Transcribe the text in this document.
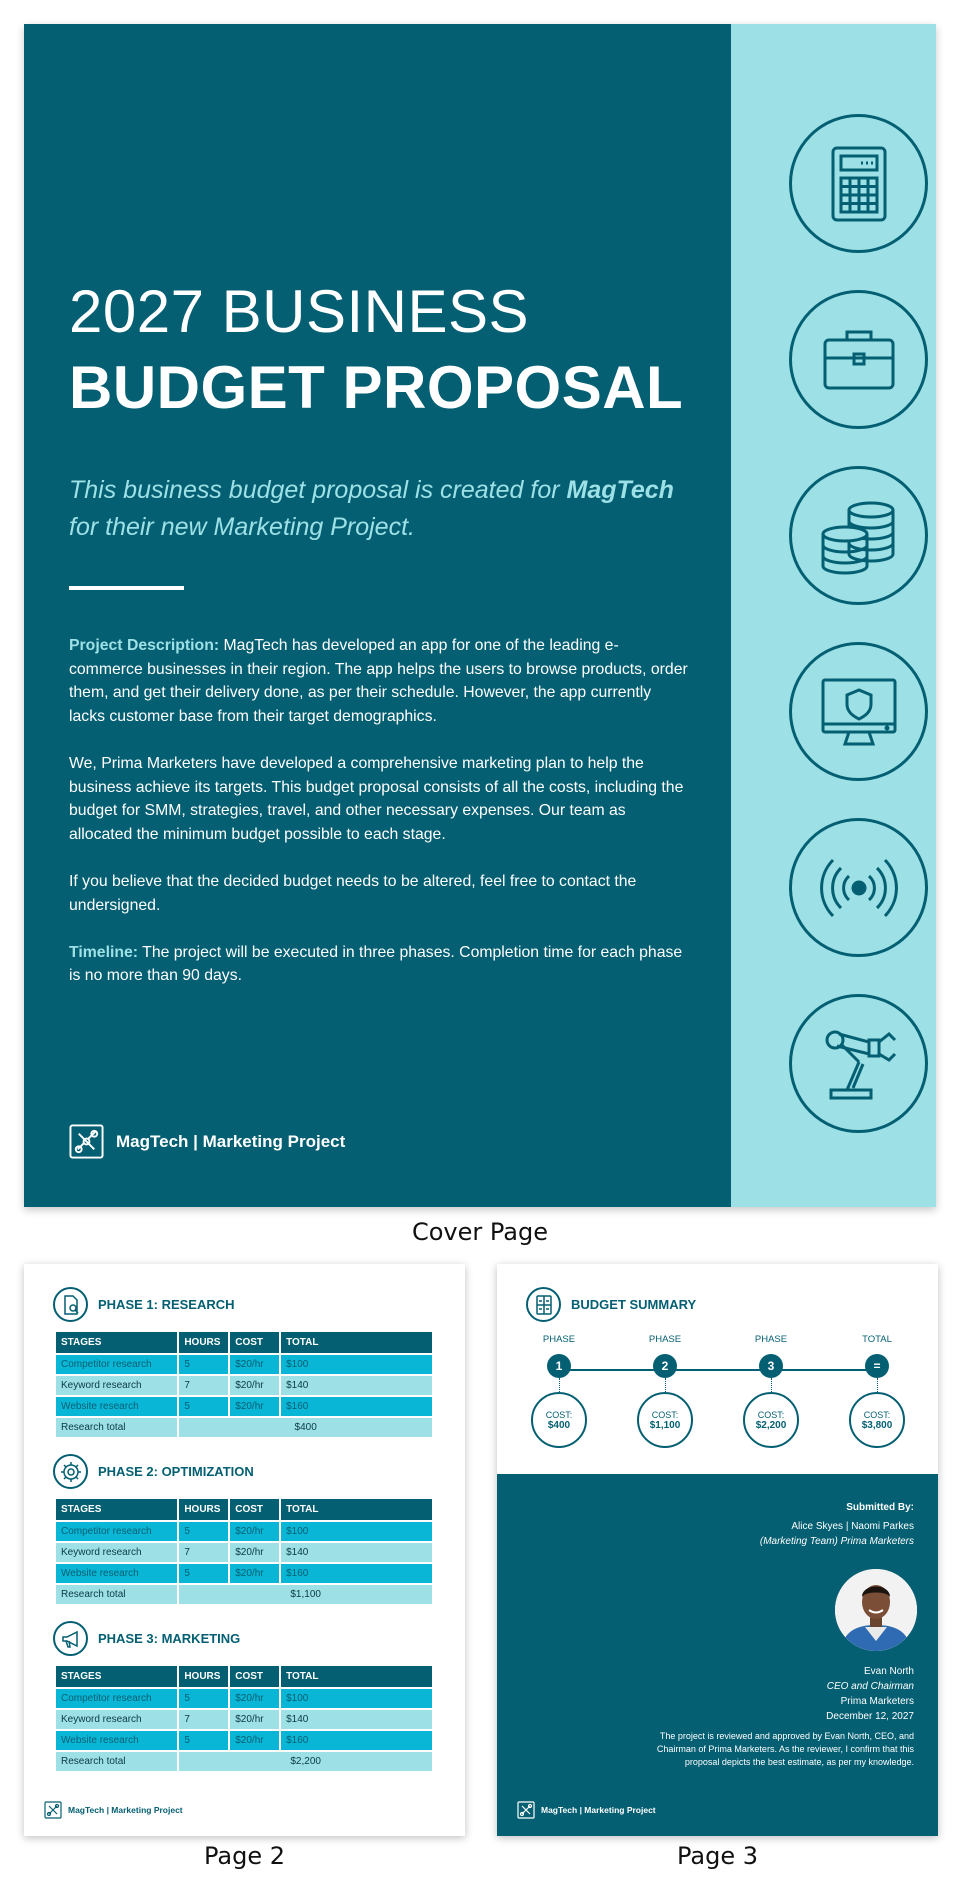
2027 BUSINESS
BUDGET PROPOSAL
This business budget proposal is created for MagTech for their new Marketing Project.

Project Description: MagTech has developed an app for one of the leading e-commerce businesses in their region. The app helps the users to browse products, order them, and get their delivery done, as per their schedule. However, the app currently lacks customer base from their target demographics.

We, Prima Marketers have developed a comprehensive marketing plan to help the business achieve its targets. This budget proposal consists of all the costs, including the budget for SMM, strategies, travel, and other necessary expenses. Our team as allocated the minimum budget possible to each stage.

If you believe that the decided budget needs to be altered, feel free to contact the undersigned.

Timeline: The project will be executed in three phases. Completion time for each phase is no more than 90 days.

MagTech | Marketing Project
Cover Page
PHASE 1: RESEARCH
STAGES	HOURS	COST	TOTAL
Competitor research	5	$20/hr	$100
Keyword research	7	$20/hr	$140
Website research	5	$20/hr	$160
Research total	$400		
PHASE 2: OPTIMIZATION
STAGES	HOURS	COST	TOTAL
Competitor research	5	$20/hr	$100
Keyword research	7	$20/hr	$140
Website research	5	$20/hr	$160
Research total	$1,100		
PHASE 3: MARKETING
STAGES	HOURS	COST	TOTAL
Competitor research	5	$20/hr	$100
Keyword research	7	$20/hr	$140
Website research	5	$20/hr	$160
Research total	$2,200		
MagTech | Marketing Project
Page 2
BUDGET SUMMARY
PHASE
1
COST:
$400
PHASE
2
COST:
$1,100
PHASE
3
COST:
$2,200
TOTAL
=
COST:
$3,800
Submitted By:
Alice Skyes | Naomi Parkes
(Marketing Team) Prima Marketers
Evan North
CEO and Chairman
Prima Marketers
December 12, 2027
The project is reviewed and approved by Evan North, CEO, and Chairman of Prima Marketers. As the reviewer, I confirm that this proposal depicts the best estimate, as per my knowledge.
MagTech | Marketing Project
Page 3
